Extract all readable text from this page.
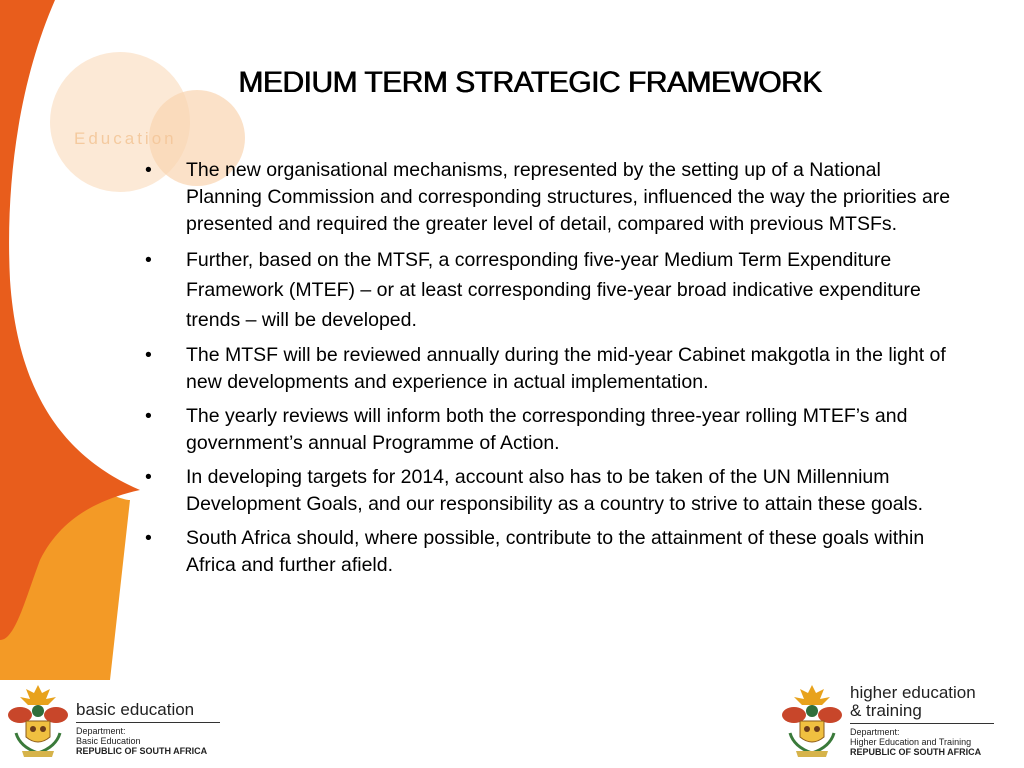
Education
MEDIUM TERM STRATEGIC FRAMEWORK
• The new organisational mechanisms, represented by the setting up of a National Planning Commission and corresponding structures, influenced the way the priorities are presented and required the greater level of detail, compared with previous MTSFs.
• Further, based on the MTSF, a corresponding five-year Medium Term Expenditure Framework (MTEF) – or at least corresponding five-year broad indicative expenditure trends – will be developed.
• The MTSF will be reviewed annually during the mid-year Cabinet makgotla in the light of new developments and experience in actual implementation.
• The yearly reviews will inform both the corresponding three-year rolling MTEF’s and government’s annual Programme of Action.
• In developing targets for 2014, account also has to be taken of the UN Millennium Development Goals, and our responsibility as a country to strive to attain these goals.
• South Africa should, where possible, contribute to the attainment of these goals within Africa and further afield.
basic education
Department:
Basic Education
REPUBLIC OF SOUTH AFRICA
higher education
& training
Department:
Higher Education and Training
REPUBLIC OF SOUTH AFRICA
